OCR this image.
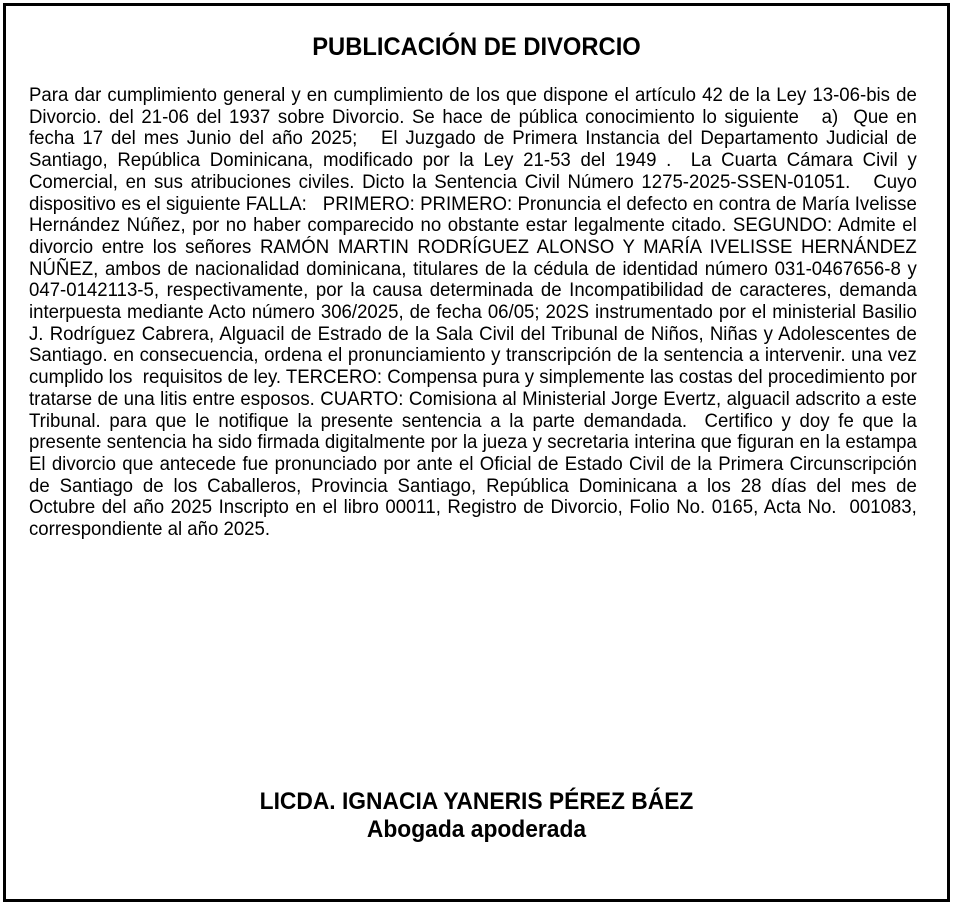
PUBLICACIÓN DE DIVORCIO

Para dar cumplimiento general y en cumplimiento de los que dispone el artículo 42 de la Ley 13-06-bis de Divorcio. del 21-06 del 1937 sobre Divorcio. Se hace de pública conocimiento lo siguiente   a)  Que en fecha 17 del mes Junio del año 2025;   El Juzgado de Primera Instancia del Departamento Judicial de Santiago, República Dominicana, modificado por la Ley 21-53 del 1949 .  La Cuarta Cámara Civil y Comercial, en sus atribuciones civiles. Dicto la Sentencia Civil Número 1275-2025-SSEN-01051.   Cuyo dispositivo es el siguiente FALLA:   PRIMERO: PRIMERO: Pronuncia el defecto en contra de María Ivelisse Hernández Núñez, por no haber comparecido no obstante estar legalmente citado. SEGUNDO: Admite el divorcio entre los señores RAMÓN MARTIN RODRÍGUEZ ALONSO Y MARÍA IVELISSE HERNÁNDEZ NÚÑEZ, ambos de nacionalidad dominicana, titulares de la cédula de identidad número 031-0467656-8 y 047-0142113-5, respectivamente, por la causa determinada de Incompatibilidad de caracteres, demanda interpuesta mediante Acto número 306/2025, de fecha 06/05; 202S instrumentado por el ministerial Basilio J. Rodríguez Cabrera, Alguacil de Estrado de la Sala Civil del Tribunal de Niños, Niñas y Adolescentes de Santiago. en consecuencia, ordena el pronunciamiento y transcripción de la sentencia a intervenir. una vez cumplido los  requisitos de ley. TERCERO: Compensa pura y simplemente las costas del procedimiento por tratarse de una litis entre esposos. CUARTO: Comisiona al Ministerial Jorge Evertz, alguacil adscrito a este Tribunal. para que le notifique la presente sentencia a la parte demandada.  Certifico y doy fe que la presente sentencia ha sido firmada digitalmente por la jueza y secretaria interina que figuran en la estampa    El divorcio que antecede fue pronunciado por ante el Oficial de Estado Civil de la Primera Circunscripción de Santiago de los Caballeros, Provincia Santiago, República Dominicana a los 28 días del mes de Octubre del año 2025 Inscripto en el libro 00011, Registro de Divorcio, Folio No. 0165, Acta No.  001083, correspondiente al año 2025.

LICDA. IGNACIA YANERIS PÉREZ BÁEZ
Abogada apoderada
